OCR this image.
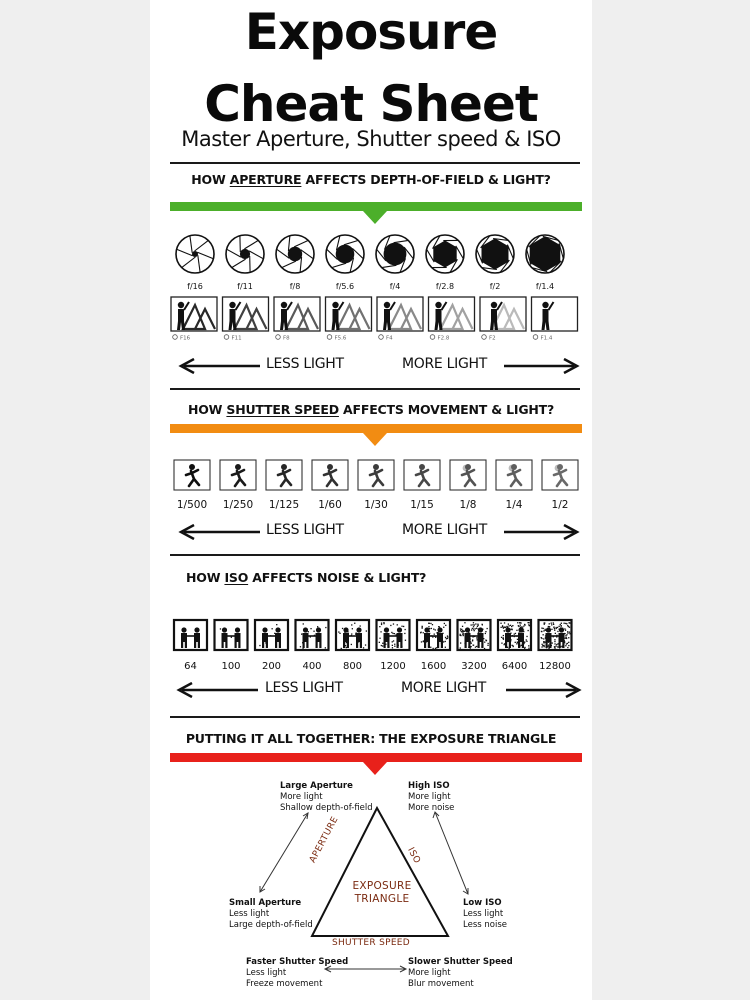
Exposure
Cheat Sheet
Master Aperture, Shutter speed & ISO
HOW APERTURE AFFECTS DEPTH-OF-FIELD & LIGHT?
f/16	f/11	f/8	f/5.6	f/4	f/2.8	f/2	f/1.4
F16	F11	F8	F5.6	F4	F2.8	F2	F1.4
LESS LIGHT	MORE LIGHT
HOW SHUTTER SPEED AFFECTS MOVEMENT & LIGHT?
1/500 1/250 1/125 1/60 1/30 1/15 1/8	1/4	1/2
LESS LIGHT	MORE LIGHT
HOW ISO AFFECTS NOISE & LIGHT?
64 100 200 400 800 1200 1600 3200 6400 12800
LESS LIGHT	MORE LIGHT
PUTTING IT ALL TOGETHER: THE EXPOSURE TRIANGLE
Large Aperture
More light
Shallow depth-of-field
High ISO
More light
More noise
Small Aperture
Less light
Large depth-of-field
Low ISO
Less light
Less noise
Faster Shutter Speed
Less light
Freeze movement
Slower Shutter Speed
More light
Blur movement
EXPOSURE
TRIANGLE
APERTURE	ISO
SHUTTER SPEED
